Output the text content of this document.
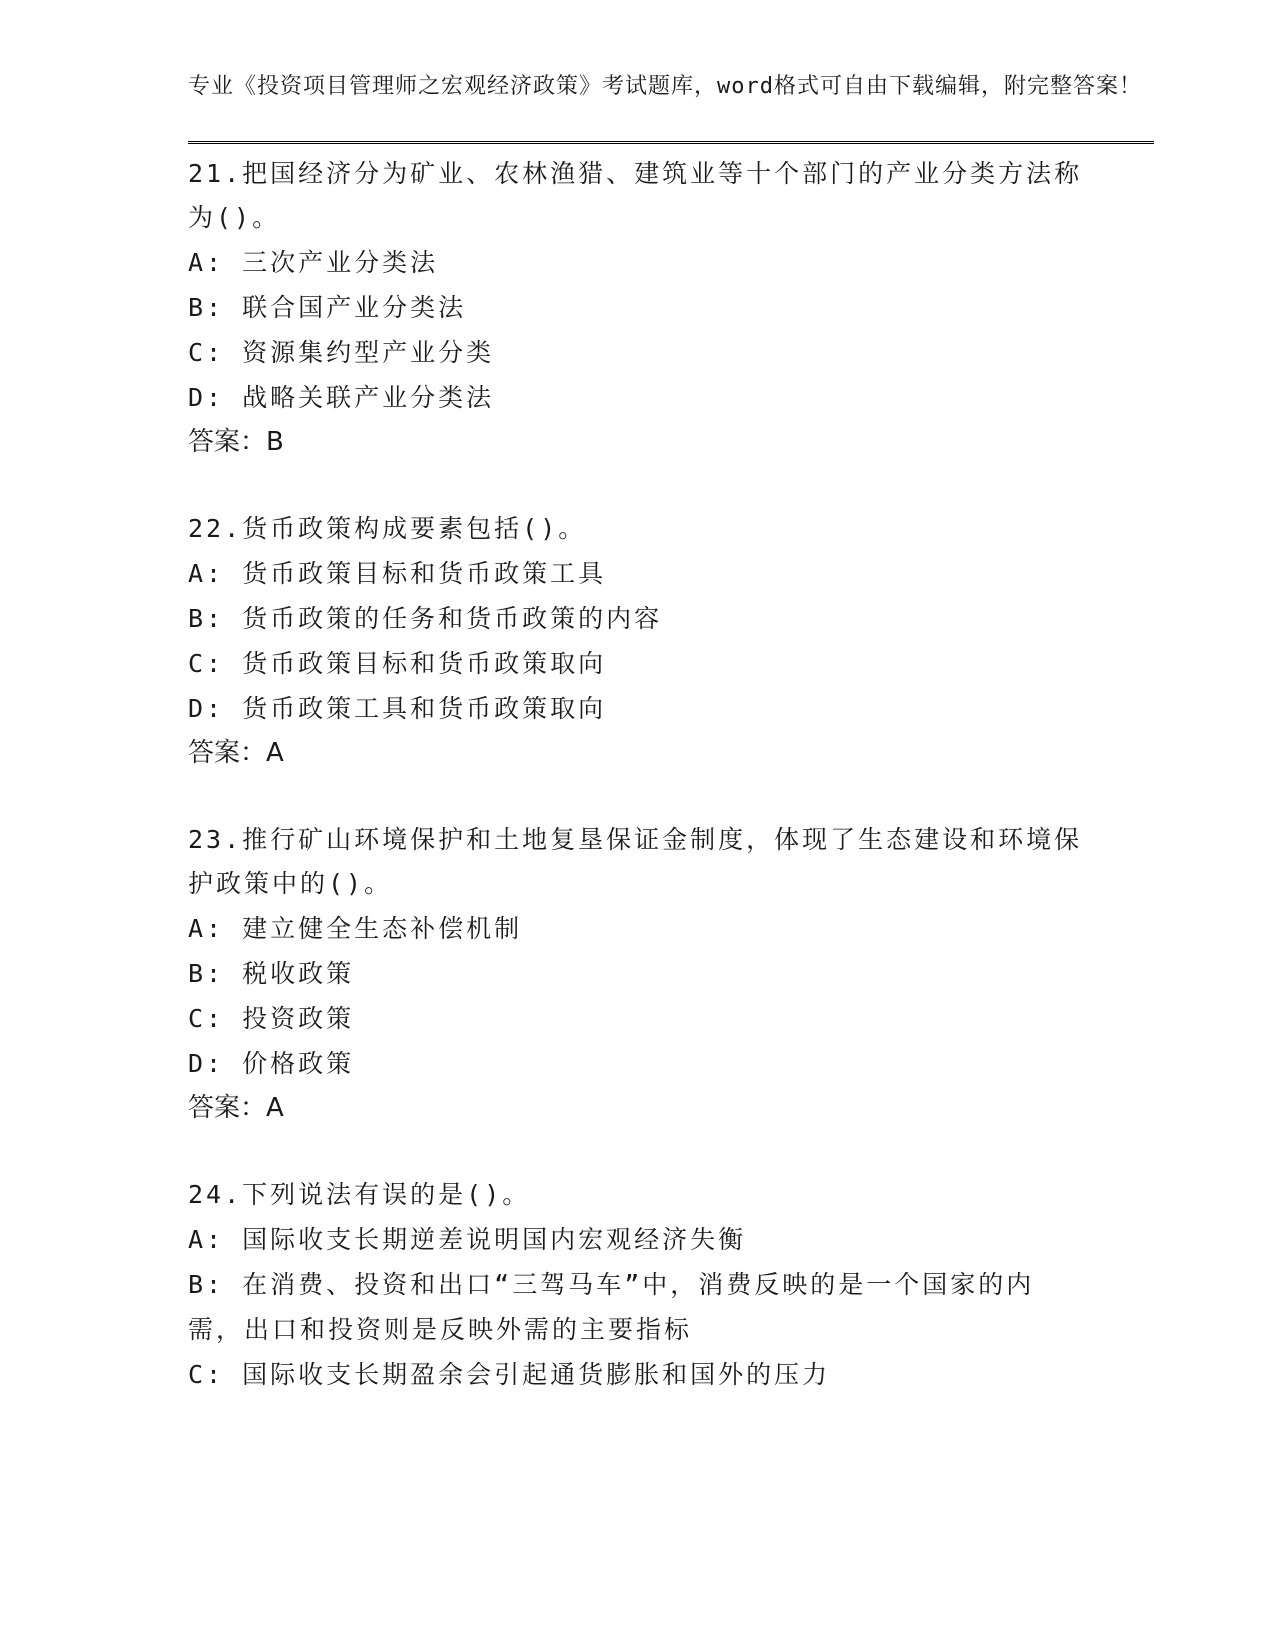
专业《投资项目管理师之宏观经济政策》考试题库，word格式可自由下载编辑，附完整答案！

21.把国经济分为矿业、农林渔猎、建筑业等十个部门的产业分类方法称为()。

A: 三次产业分类法

B: 联合国产业分类法

C: 资源集约型产业分类

D: 战略关联产业分类法

答案：B

22.货币政策构成要素包括()。

A: 货币政策目标和货币政策工具

B: 货币政策的任务和货币政策的内容

C: 货币政策目标和货币政策取向

D: 货币政策工具和货币政策取向

答案：A

23.推行矿山环境保护和土地复垦保证金制度，体现了生态建设和环境保护政策中的()。

A: 建立健全生态补偿机制

B: 税收政策

C: 投资政策

D: 价格政策

答案：A

24.下列说法有误的是()。

A: 国际收支长期逆差说明国内宏观经济失衡

B: 在消费、投资和出口“三驾马车”中，消费反映的是一个国家的内需，出口和投资则是反映外需的主要指标

C: 国际收支长期盈余会引起通货膨胀和国外的压力
